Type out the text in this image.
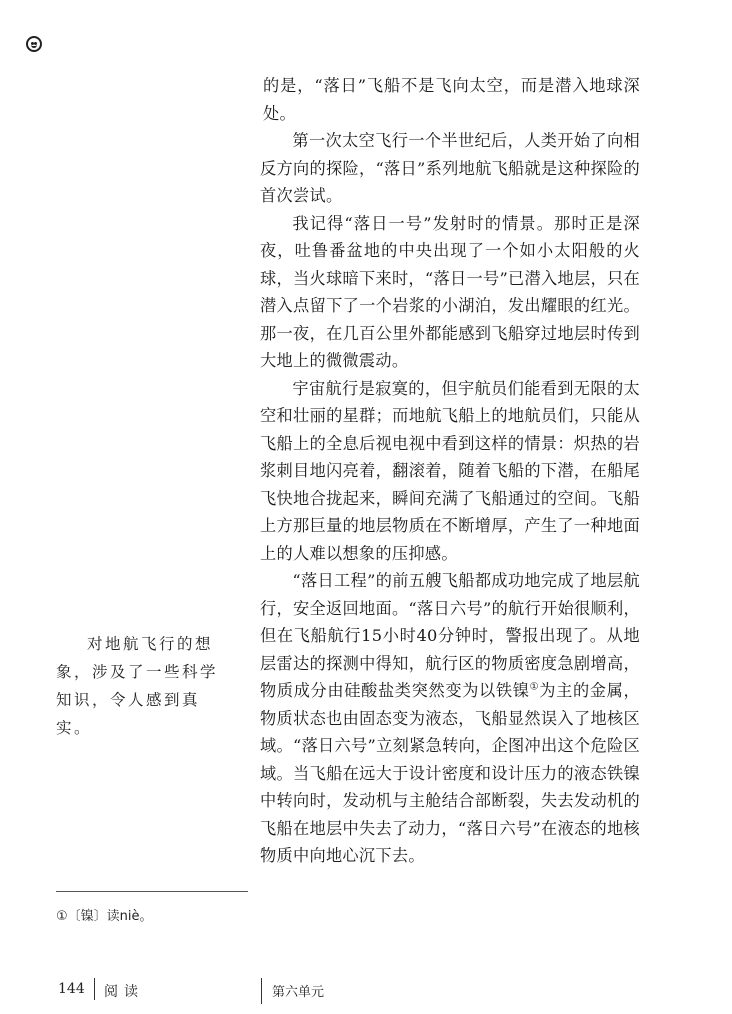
的是，“落日”飞船不是飞向太空，而是潜入地球深处。

第一次太空飞行一个半世纪后，人类开始了向相反方向的探险，“落日”系列地航飞船就是这种探险的首次尝试。

我记得“落日一号”发射时的情景。那时正是深夜，吐鲁番盆地的中央出现了一个如小太阳般的火球，当火球暗下来时，“落日一号”已潜入地层，只在潜入点留下了一个岩浆的小湖泊，发出耀眼的红光。那一夜，在几百公里外都能感到飞船穿过地层时传到大地上的微微震动。

宇宙航行是寂寞的，但宇航员们能看到无限的太空和壮丽的星群；而地航飞船上的地航员们，只能从飞船上的全息后视电视中看到这样的情景：炽热的岩浆刺目地闪亮着，翻滚着，随着飞船的下潜，在船尾飞快地合拢起来，瞬间充满了飞船通过的空间。飞船上方那巨量的地层物质在不断增厚，产生了一种地面上的人难以想象的压抑感。

“落日工程”的前五艘飞船都成功地完成了地层航行，安全返回地面。“落日六号”的航行开始很顺利，但在飞船航行15小时40分钟时，警报出现了。从地层雷达的探测中得知，航行区的物质密度急剧增高，物质成分由硅酸盐类突然变为以铁镍①为主的金属，物质状态也由固态变为液态，飞船显然误入了地核区域。“落日六号”立刻紧急转向，企图冲出这个危险区域。当飞船在远大于设计密度和设计压力的液态铁镍中转向时，发动机与主舱结合部断裂，失去发动机的飞船在地层中失去了动力，“落日六号”在液态的地核物质中向地心沉下去。

对地航飞行的想象，涉及了一些科学知识，令人感到真实。

①〔镍〕读niè。
144 阅读	第六单元
